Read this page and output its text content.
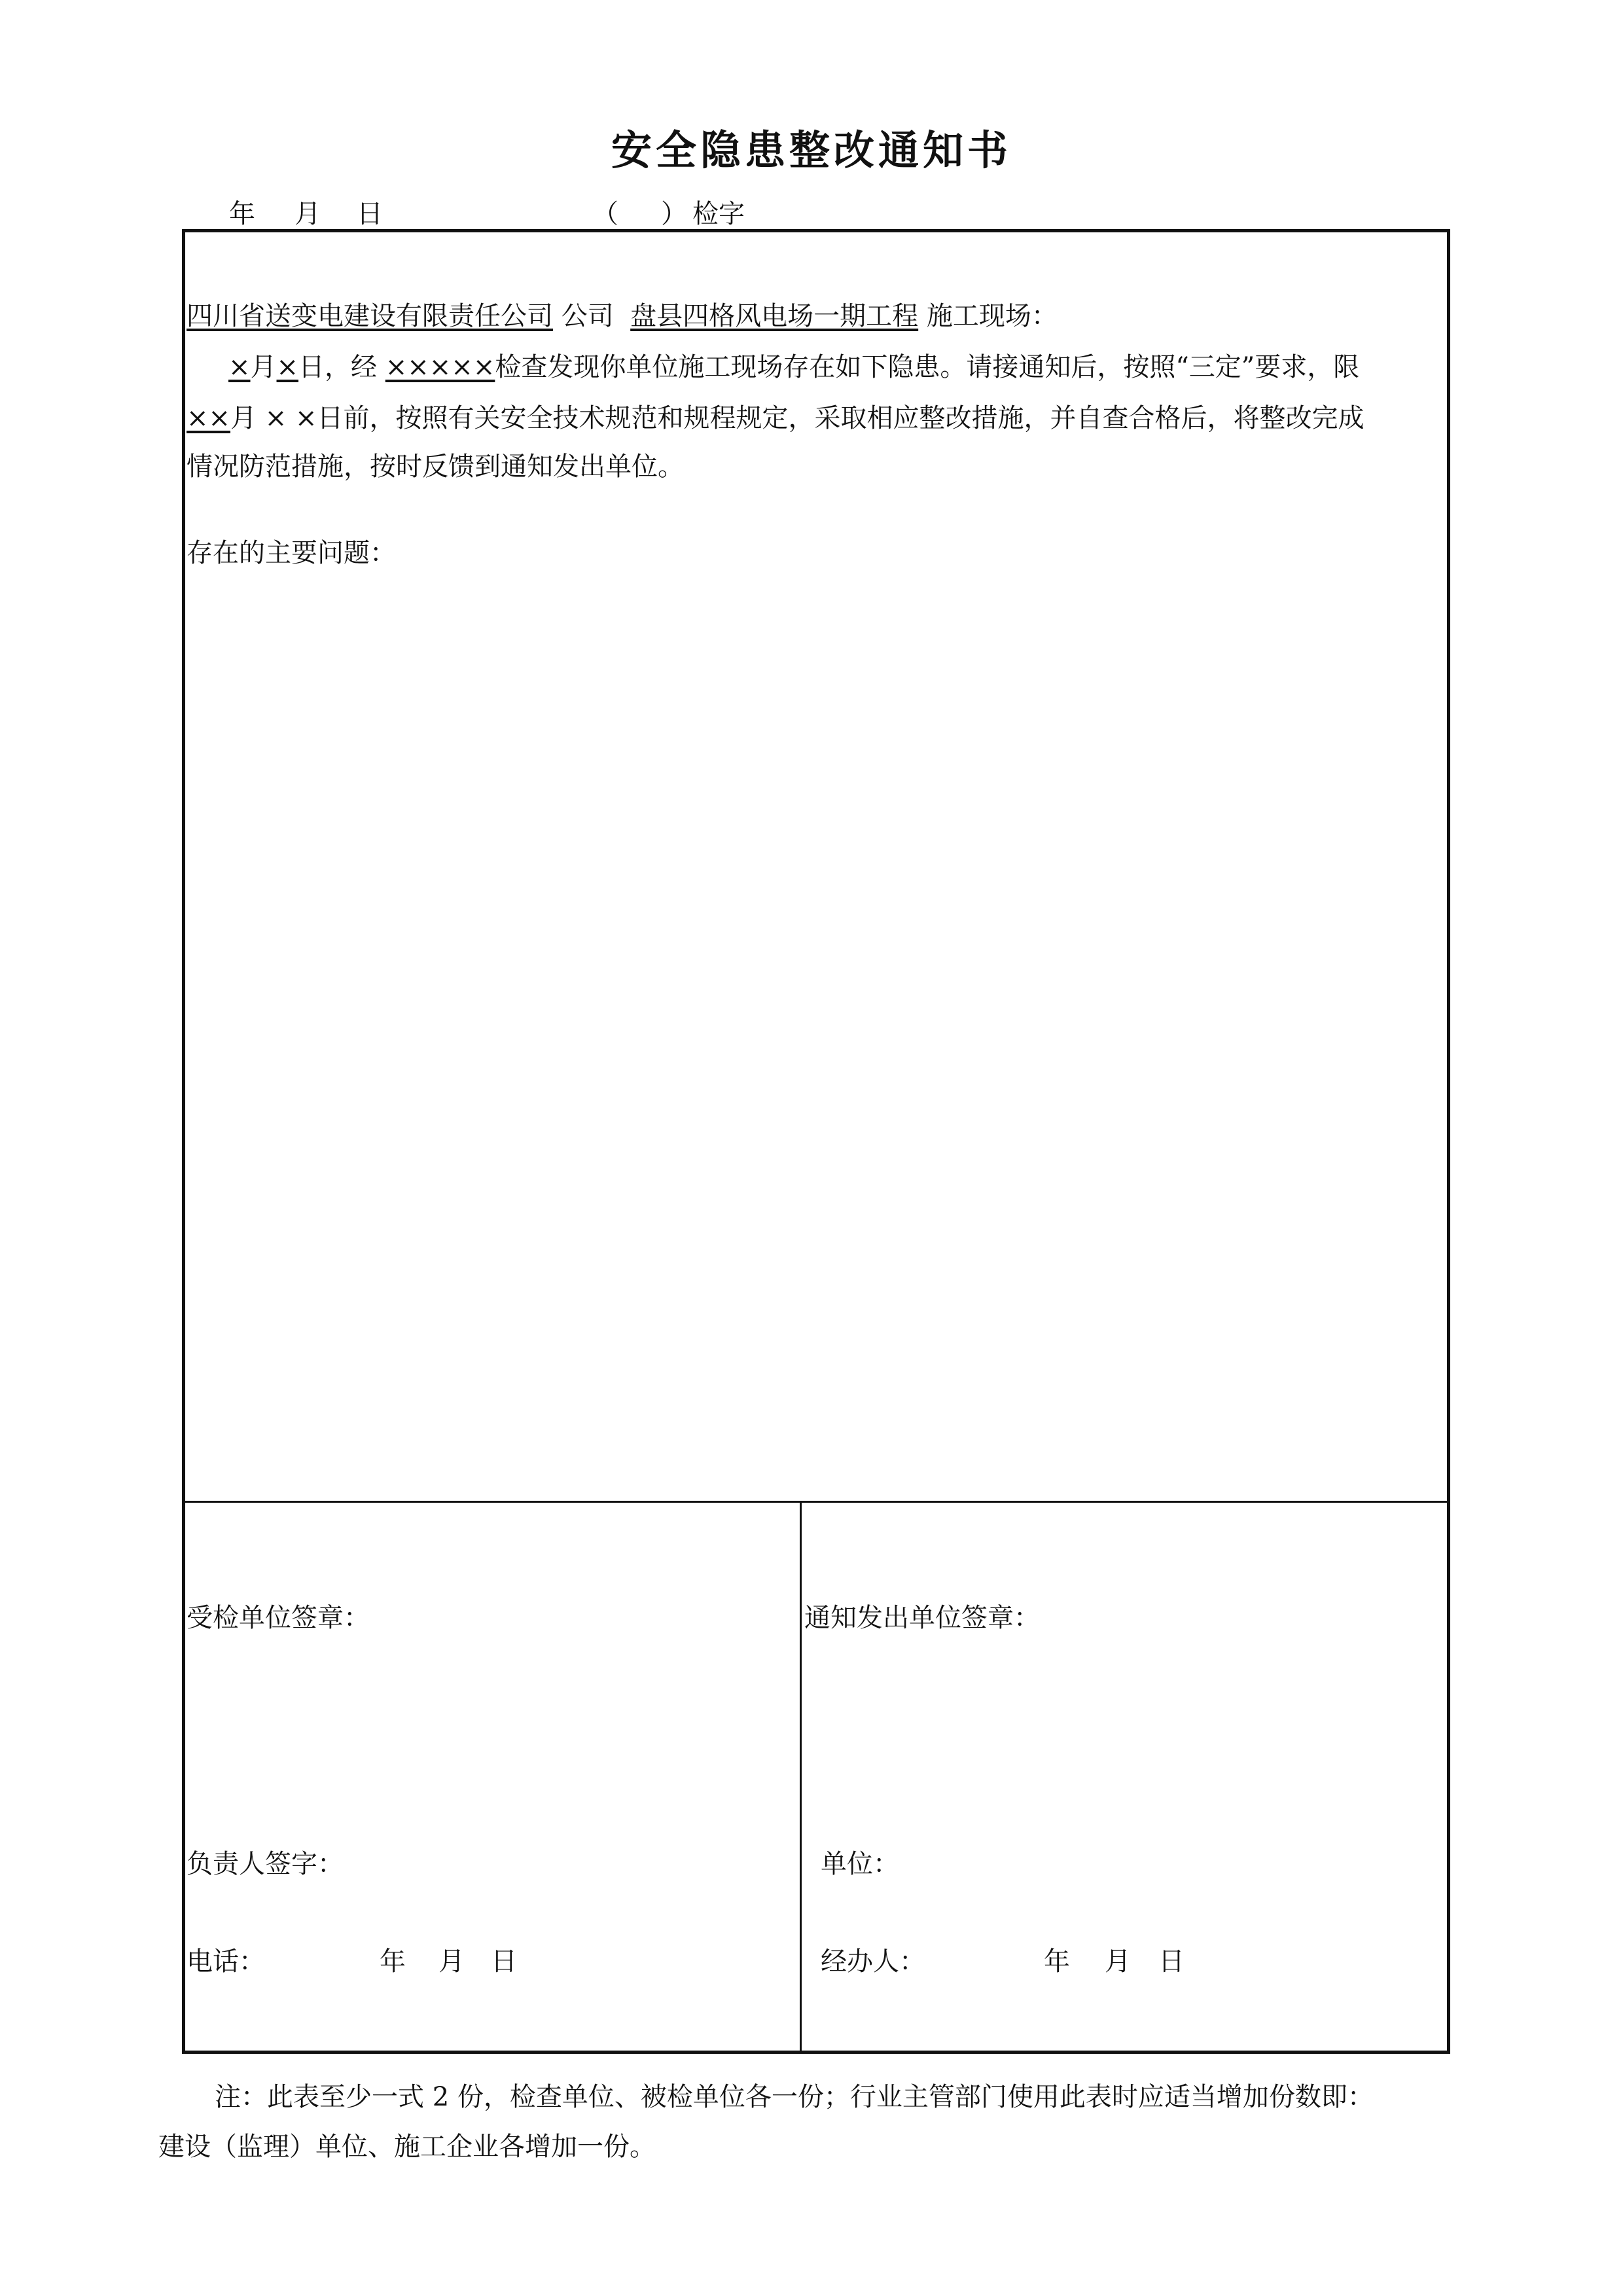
安全隐患整改通知书
年 月 日	（ ） 检字
四川省送变电建设有限责任公司 公司 盘县四格风电场一期工程 施工现场：
×月×日，经 ×××××检查发现你单位施工现场存在如下隐患。请接通知后，按照“三定”要求，限
××月 × ×日前，按照有关安全技术规范和规程规定，采取相应整改措施，并自查合格后，将整改完成
情况防范措施，按时反馈到通知发出单位。
存在的主要问题：
受检单位签章：
负责人签字：
电话：	年 月 日
通知发出单位签章：
单位：
经办人：	年 月 日
注：此表至少一式 2 份，检查单位、被检单位各一份；行业主管部门使用此表时应适当增加份数即：
建设（监理）单位、施工企业各增加一份。
